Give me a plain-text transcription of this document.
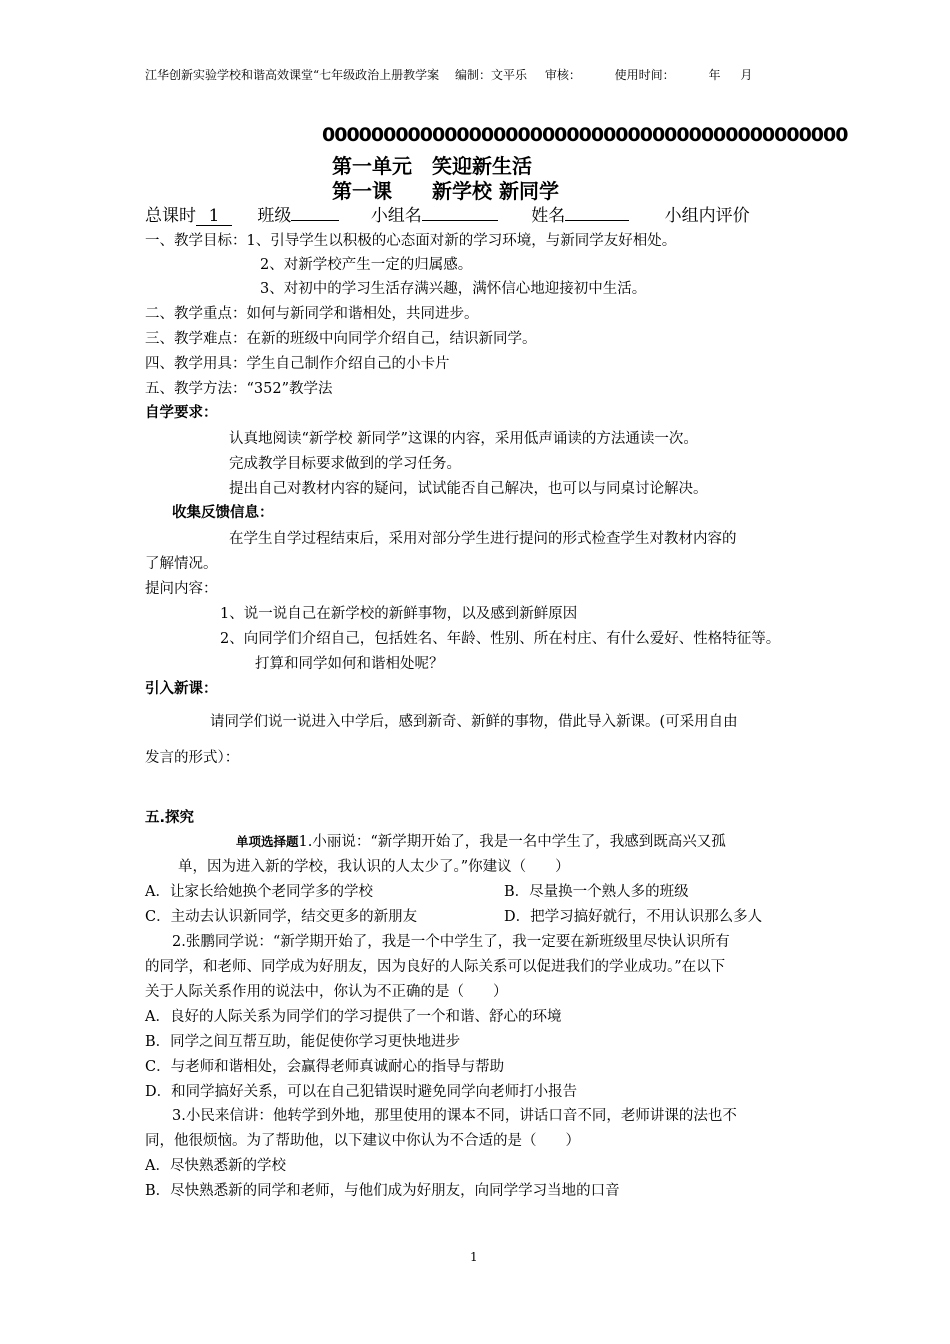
江华创新实验学校和谐高效课堂“七年级政治上册教学案 编制：文平乐 审核：	使用时间：	年 月
0000000000000000000000000000000000000000000
第一单元　笑迎新生活
第一课　　新学校 新同学
总课时 1 班级	小组名	姓名	小组内评价
一、教学目标：1、引导学生以积极的心态面对新的学习环境，与新同学友好相处。
2、对新学校产生一定的归属感。
3、对初中的学习生活存满兴趣，满怀信心地迎接初中生活。
二、教学重点：如何与新同学和谐相处，共同进步。
三、教学难点：在新的班级中向同学介绍自己，结识新同学。
四、教学用具：学生自己制作介绍自己的小卡片
五、教学方法：“352”教学法
自学要求：
认真地阅读“新学校 新同学”这课的内容，采用低声诵读的方法通读一次。
完成教学目标要求做到的学习任务。
提出自己对教材内容的疑问，试试能否自己解决，也可以与同桌讨论解决。
收集反馈信息：
在学生自学过程结束后，采用对部分学生进行提问的形式检查学生对教材内容的
了解情况。
提问内容：
1、说一说自己在新学校的新鲜事物，以及感到新鲜原因
2、向同学们介绍自己，包括姓名、年龄、性别、所在村庄、有什么爱好、性格特征等。
打算和同学如何和谐相处呢？
引入新课：
请同学们说一说进入中学后，感到新奇、新鲜的事物，借此导入新课。(可采用自由
发言的形式）：
五.探究
单项选择题1.小丽说：“新学期开始了，我是一名中学生了，我感到既高兴又孤
单，因为进入新的学校，我认识的人太少了。”你建议（　　）
A．让家长给她换个老同学多的学校	B．尽量换一个熟人多的班级
C．主动去认识新同学，结交更多的新朋友	D．把学习搞好就行，不用认识那么多人
2.张鹏同学说：“新学期开始了，我是一个中学生了，我一定要在新班级里尽快认识所有
的同学，和老师、同学成为好朋友，因为良好的人际关系可以促进我们的学业成功。”在以下
关于人际关系作用的说法中，你认为不正确的是（　　）
A．良好的人际关系为同学们的学习提供了一个和谐、舒心的环境
B．同学之间互帮互助，能促使你学习更快地进步
C．与老师和谐相处，会赢得老师真诚耐心的指导与帮助
D．和同学搞好关系，可以在自己犯错误时避免同学向老师打小报告
3.小民来信讲：他转学到外地，那里使用的课本不同，讲话口音不同，老师讲课的法也不
同，他很烦恼。为了帮助他，以下建议中你认为不合适的是（　　）
A．尽快熟悉新的学校
B．尽快熟悉新的同学和老师，与他们成为好朋友，向同学学习当地的口音
1
